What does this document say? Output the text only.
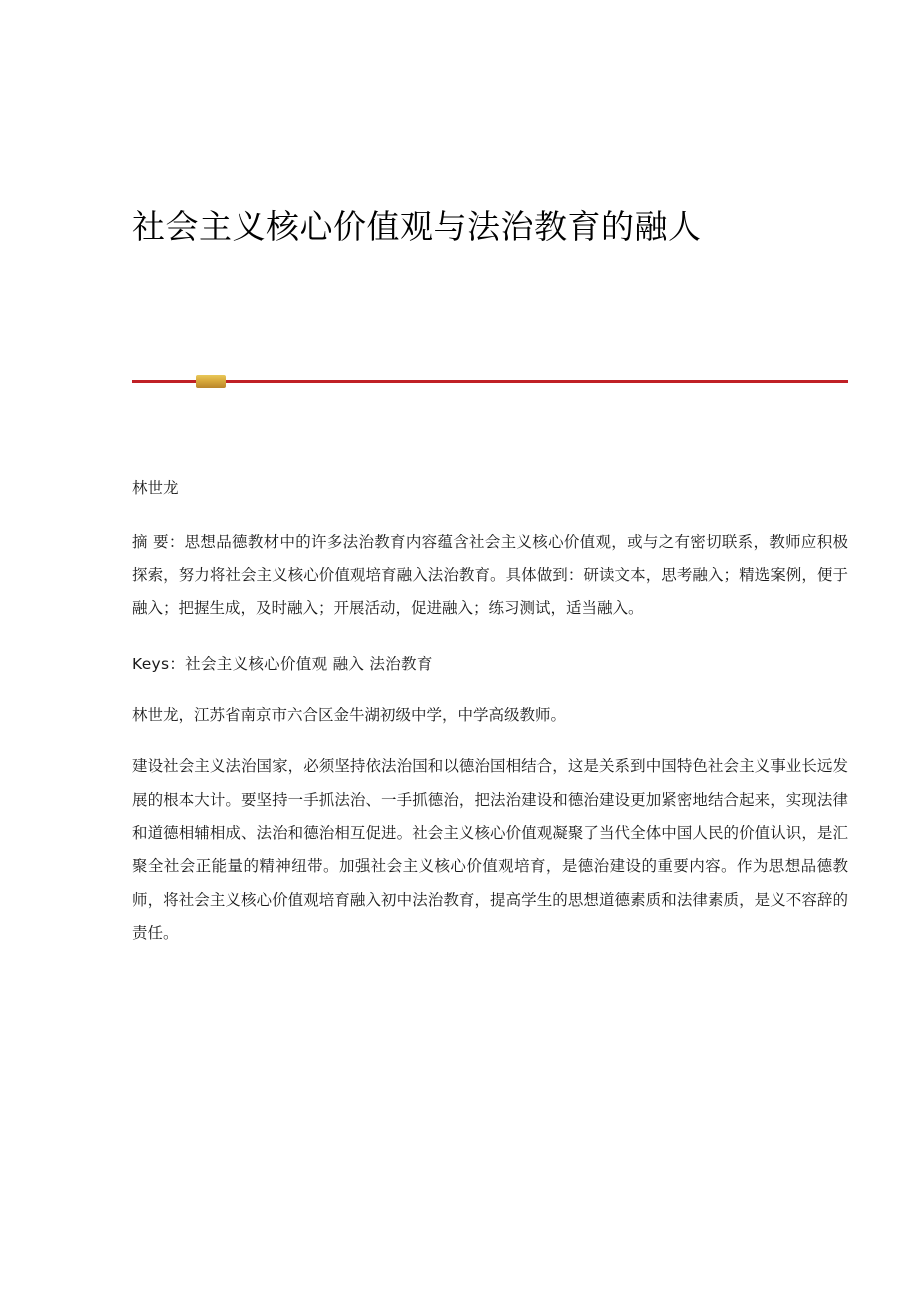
社会主义核心价值观与法治教育的融人
林世龙

摘 要：思想品德教材中的许多法治教育内容蕴含社会主义核心价值观，或与之有密切联系，教师应积极探索，努力将社会主义核心价值观培育融入法治教育。具体做到：研读文本，思考融入；精选案例，便于融入；把握生成，及时融入；开展活动，促进融入；练习测试，适当融入。

Keys：社会主义核心价值观 融入 法治教育

林世龙，江苏省南京市六合区金牛湖初级中学，中学高级教师。

建设社会主义法治国家，必须坚持依法治国和以德治国相结合，这是关系到中国特色社会主义事业长远发展的根本大计。要坚持一手抓法治、一手抓德治，把法治建设和德治建设更加紧密地结合起来，实现法律和道德相辅相成、法治和德治相互促进。社会主义核心价值观凝聚了当代全体中国人民的价值认识，是汇聚全社会正能量的精神纽带。加强社会主义核心价值观培育，是德治建设的重要内容。作为思想品德教师，将社会主义核心价值观培育融入初中法治教育，提高学生的思想道德素质和法律素质，是义不容辞的责任。
